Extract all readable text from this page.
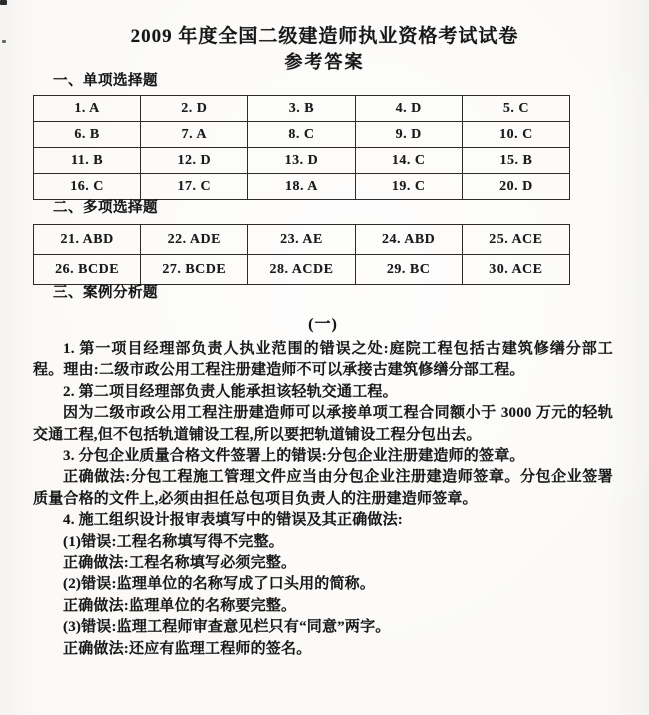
2009 年度全国二级建造师执业资格考试试卷
参考答案
一、单项选择题
1. A	2. D	3. B	4. D	5. C
6. B	7. A	8. C	9. D	10. C
11. B	12. D	13. D	14. C	15. B
16. C	17. C	18. A	19. C	20. D
二、多项选择题
21. ABD	22. ADE	23. AE	24. ABD	25. ACE
26. BCDE	27. BCDE	28. ACDE	29. BC	30. ACE
三、案例分析题
(一)

1. 第一项目经理部负责人执业范围的错误之处:庭院工程包括古建筑修缮分部工程。理由:二级市政公用工程注册建造师不可以承接古建筑修缮分部工程。

2. 第二项目经理部负责人能承担该轻轨交通工程。

因为二级市政公用工程注册建造师可以承接单项工程合同额小于 3000 万元的轻轨交通工程,但不包括轨道铺设工程,所以要把轨道铺设工程分包出去。

3. 分包企业质量合格文件签署上的错误:分包企业注册建造师的签章。

正确做法:分包工程施工管理文件应当由分包企业注册建造师签章。分包企业签署质量合格的文件上,必须由担任总包项目负责人的注册建造师签章。

4. 施工组织设计报审表填写中的错误及其正确做法:

(1)错误:工程名称填写得不完整。

正确做法:工程名称填写必须完整。

(2)错误:监理单位的名称写成了口头用的简称。

正确做法:监理单位的名称要完整。

(3)错误:监理工程师审查意见栏只有“同意”两字。

正确做法:还应有监理工程师的签名。
